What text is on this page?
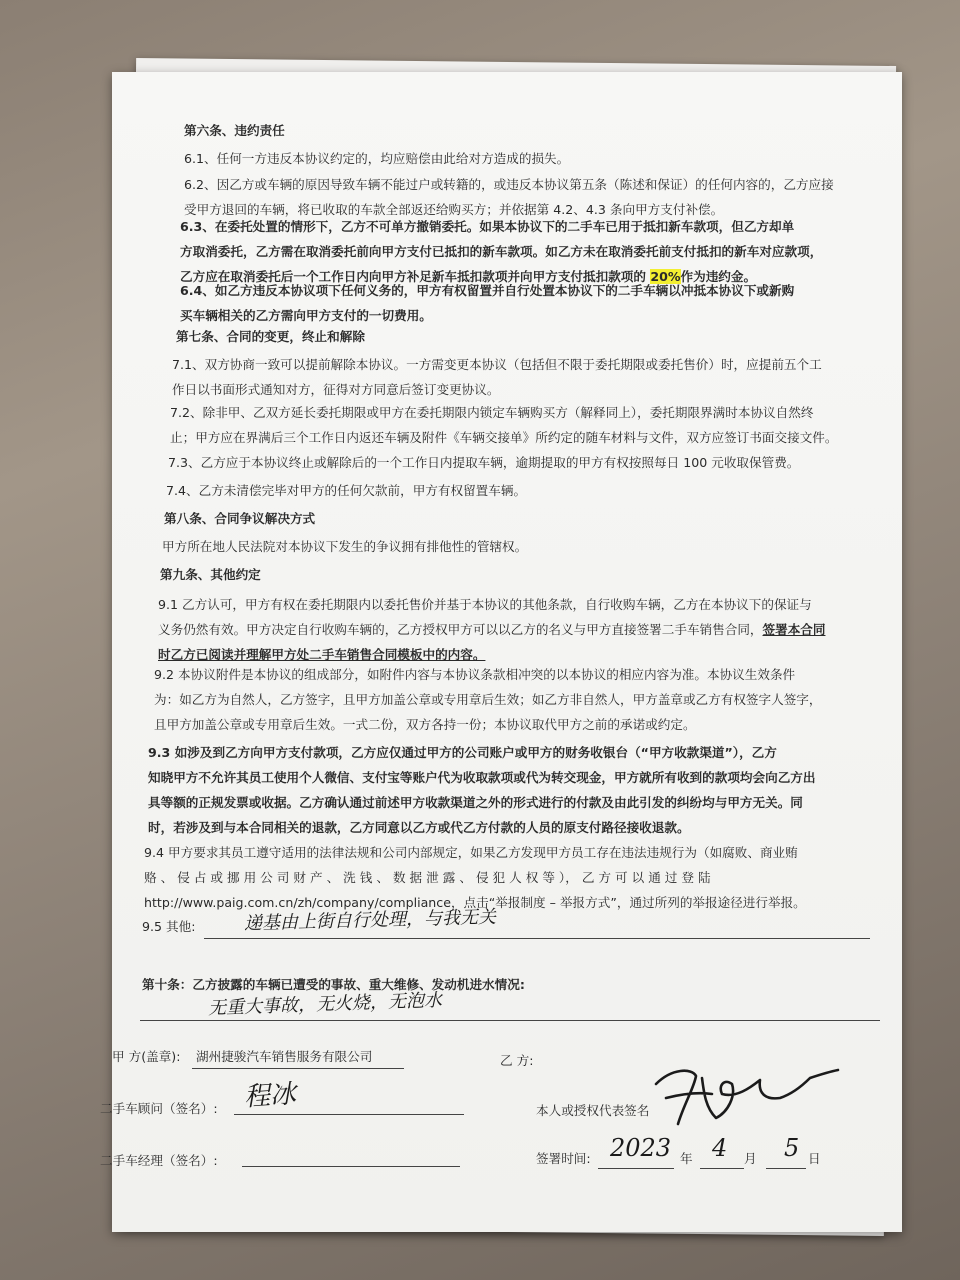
第六条、违约责任
6.1、任何一方违反本协议约定的，均应赔偿由此给对方造成的损失。
6.2、因乙方或车辆的原因导致车辆不能过户或转籍的，或违反本协议第五条（陈述和保证）的任何内容的，乙方应接
受甲方退回的车辆，将已收取的车款全部返还给购买方；并依据第 4.2、4.3 条向甲方支付补偿。
6.3、在委托处置的情形下，乙方不可单方撤销委托。如果本协议下的二手车已用于抵扣新车款项，但乙方却单
方取消委托，乙方需在取消委托前向甲方支付已抵扣的新车款项。如乙方未在取消委托前支付抵扣的新车对应款项，
乙方应在取消委托后一个工作日内向甲方补足新车抵扣款项并向甲方支付抵扣款项的 20%作为违约金。
6.4、如乙方违反本协议项下任何义务的，甲方有权留置并自行处置本协议下的二手车辆以冲抵本协议下或新购
买车辆相关的乙方需向甲方支付的一切费用。
第七条、合同的变更，终止和解除
7.1、双方协商一致可以提前解除本协议。一方需变更本协议（包括但不限于委托期限或委托售价）时，应提前五个工
作日以书面形式通知对方，征得对方同意后签订变更协议。
7.2、除非甲、乙双方延长委托期限或甲方在委托期限内锁定车辆购买方（解释同上），委托期限界满时本协议自然终
止；甲方应在界满后三个工作日内返还车辆及附件《车辆交接单》所约定的随车材料与文件，双方应签订书面交接文件。
7.3、乙方应于本协议终止或解除后的一个工作日内提取车辆，逾期提取的甲方有权按照每日 100 元收取保管费。
7.4、乙方未清偿完毕对甲方的任何欠款前，甲方有权留置车辆。
第八条、合同争议解决方式
甲方所在地人民法院对本协议下发生的争议拥有排他性的管辖权。
第九条、其他约定
9.1 乙方认可，甲方有权在委托期限内以委托售价并基于本协议的其他条款，自行收购车辆，乙方在本协议下的保证与
义务仍然有效。甲方决定自行收购车辆的，乙方授权甲方可以以乙方的名义与甲方直接签署二手车销售合同，签署本合同
时乙方已阅读并理解甲方处二手车销售合同模板中的内容。
9.2 本协议附件是本协议的组成部分，如附件内容与本协议条款相冲突的以本协议的相应内容为准。本协议生效条件
为：如乙方为自然人，乙方签字，且甲方加盖公章或专用章后生效；如乙方非自然人，甲方盖章或乙方有权签字人签字，
且甲方加盖公章或专用章后生效。一式二份，双方各持一份；本协议取代甲方之前的承诺或约定。
9.3 如涉及到乙方向甲方支付款项，乙方应仅通过甲方的公司账户或甲方的财务收银台（“甲方收款渠道”），乙方
知晓甲方不允许其员工使用个人微信、支付宝等账户代为收取款项或代为转交现金，甲方就所有收到的款项均会向乙方出
具等额的正规发票或收据。乙方确认通过前述甲方收款渠道之外的形式进行的付款及由此引发的纠纷均与甲方无关。同
时，若涉及到与本合同相关的退款，乙方同意以乙方或代乙方付款的人员的原支付路径接收退款。
9.4 甲方要求其员工遵守适用的法律法规和公司内部规定，如果乙方发现甲方员工存在违法违规行为（如腐败、商业贿
赂 、 侵 占 或 挪 用 公 司 财 产 、 洗 钱 、 数 据 泄 露 、 侵 犯 人 权 等 ）， 乙 方 可 以 通 过 登 陆
http://www.paig.com.cn/zh/company/compliance，点击“举报制度 – 举报方式”，通过所列的举报途径进行举报。
9.5 其他:	递基由上街自行处理，与我无关
第十条：乙方披露的车辆已遭受的事故、重大维修、发动机进水情况:
无重大事故，无火烧，无泡水
甲 方(盖章): 湖州捷骏汽车销售服务有限公司	乙 方:
二手车顾问（签名）: 程冰	本人或授权代表签名
二手车经理（签名）:	签署时间: 2023 年 4 月 5 日
